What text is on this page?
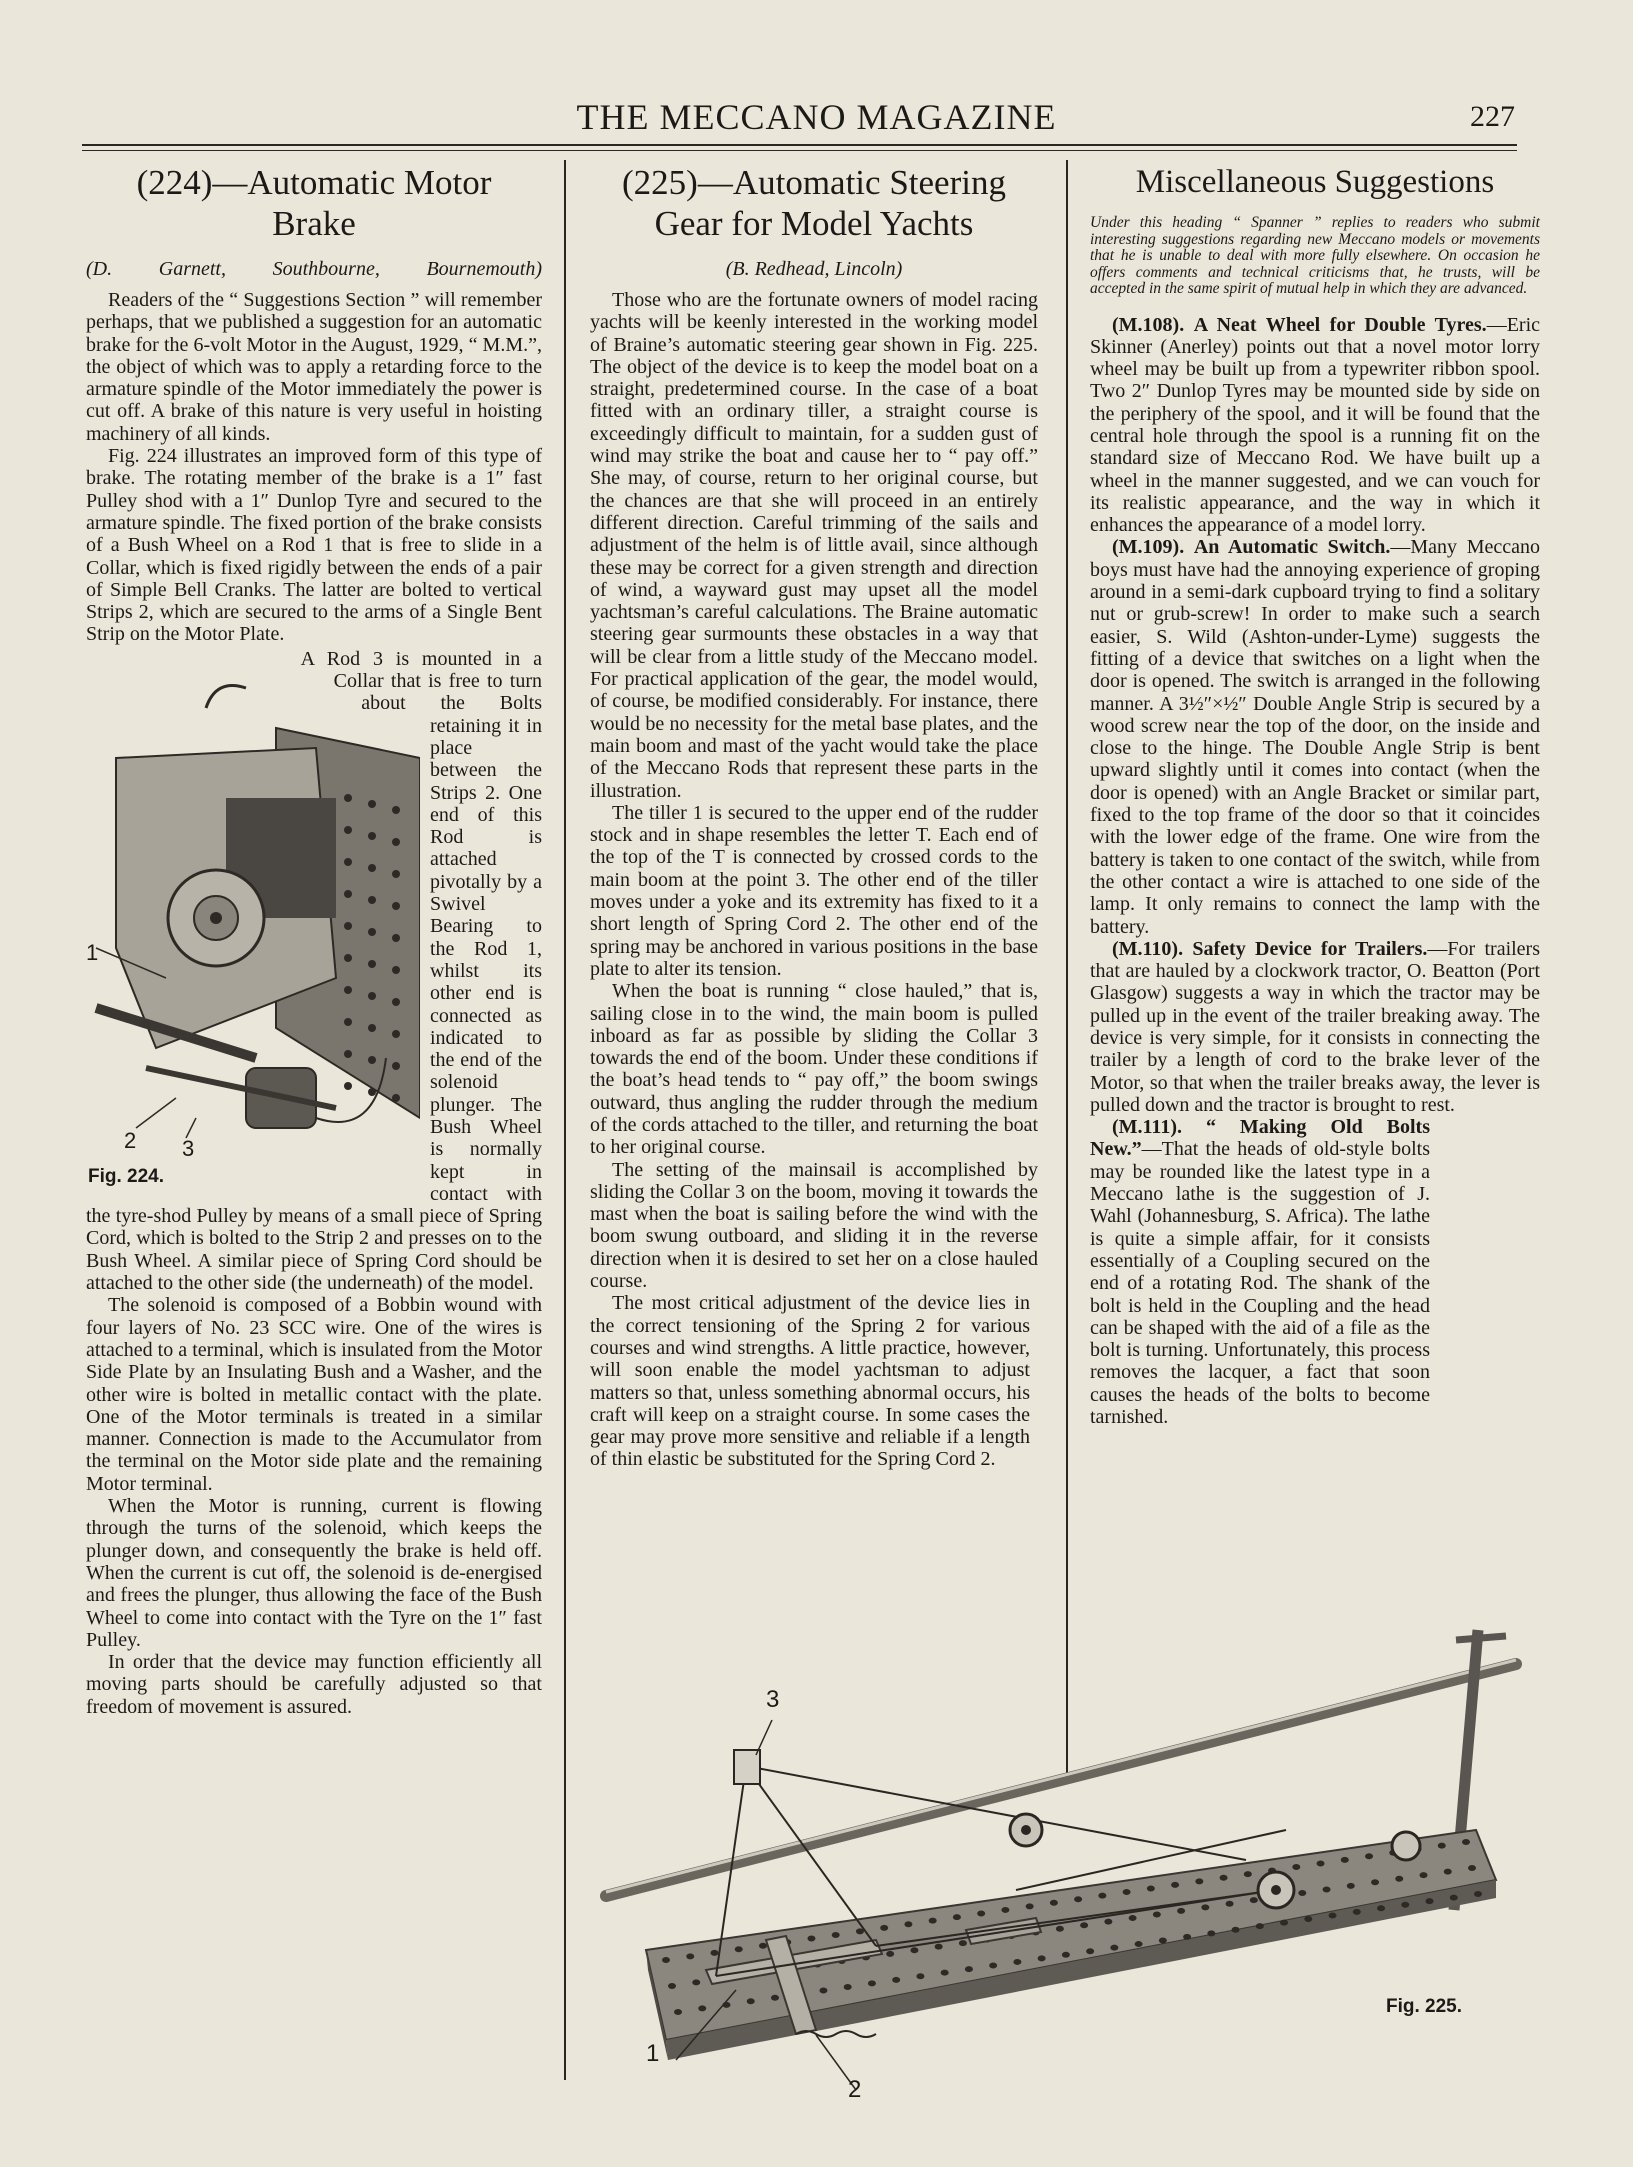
THE MECCANO MAGAZINE	227
(224)—Automatic Motor
Brake
(D. Garnett, Southbourne, Bournemouth)

Readers of the “ Suggestions Section ” will remember perhaps, that we published a suggestion for an automatic brake for the 6-volt Motor in the August, 1929, “ M.M.”, the object of which was to apply a retarding force to the armature spindle of the Motor immediately the power is cut off. A brake of this nature is very useful in hoisting machinery of all kinds.

Fig. 224 illustrates an improved form of this type of brake. The rotating member of the brake is a 1″ fast Pulley shod with a 1″ Dunlop Tyre and secured to the armature spindle. The fixed portion of the brake consists of a Bush Wheel on a Rod 1 that is free to slide in a Collar, which is fixed rigidly between the ends of a pair of Simple Bell Cranks. The latter are bolted to vertical Strips 2, which are secured to the arms of a Single Bent Strip on the Motor Plate.

1
2 3
Fig. 224.

A Rod 3 is mounted in a Collar that is free to turn about the Bolts retaining it in place between the Strips 2. One end of this Rod is attached pivotally by a Swivel Bearing to the Rod 1, whilst its other end is connected as indicated to the end of the solenoid plunger. The Bush Wheel is normally kept in contact with the tyre-shod Pulley by means of a small piece of Spring Cord, which is bolted to the Strip 2 and presses on to the Bush Wheel. A similar piece of Spring Cord should be attached to the other side (the underneath) of the model.

The solenoid is composed of a Bobbin wound with four layers of No. 23 SCC wire. One of the wires is attached to a terminal, which is insulated from the Motor Side Plate by an Insulating Bush and a Washer, and the other wire is bolted in metallic contact with the plate. One of the Motor terminals is treated in a similar manner. Connection is made to the Accumulator from the terminal on the Motor side plate and the remaining Motor terminal.

When the Motor is running, current is flowing through the turns of the solenoid, which keeps the plunger down, and consequently the brake is held off. When the current is cut off, the solenoid is de-energised and frees the plunger, thus allowing the face of the Bush Wheel to come into contact with the Tyre on the 1″ fast Pulley.

In order that the device may function efficiently all moving parts should be carefully adjusted so that freedom of movement is assured.

(225)—Automatic Steering
Gear for Model Yachts
(B. Redhead, Lincoln)

Those who are the fortunate owners of model racing yachts will be keenly interested in the working model of Braine’s automatic steering gear shown in Fig. 225. The object of the device is to keep the model boat on a straight, predetermined course. In the case of a boat fitted with an ordinary tiller, a straight course is exceedingly difficult to maintain, for a sudden gust of wind may strike the boat and cause her to “ pay off.” She may, of course, return to her original course, but the chances are that she will proceed in an entirely different direction. Careful trimming of the sails and adjustment of the helm is of little avail, since although these may be correct for a given strength and direction of wind, a wayward gust may upset all the model yachtsman’s careful calculations. The Braine automatic steering gear surmounts these obstacles in a way that will be clear from a little study of the Meccano model. For practical application of the gear, the model would, of course, be modified considerably. For instance, there would be no necessity for the metal base plates, and the main boom and mast of the yacht would take the place of the Meccano Rods that represent these parts in the illustration.

The tiller 1 is secured to the upper end of the rudder stock and in shape resembles the letter T. Each end of the top of the T is connected by crossed cords to the main boom at the point 3. The other end of the tiller moves under a yoke and its extremity has fixed to it a short length of Spring Cord 2. The other end of the spring may be anchored in various positions in the base plate to alter its tension.

When the boat is running “ close hauled,” that is, sailing close in to the wind, the main boom is pulled inboard as far as possible by sliding the Collar 3 towards the end of the boom. Under these conditions if the boat’s head tends to “ pay off,” the boom swings outward, thus angling the rudder through the medium of the cords attached to the tiller, and returning the boat to her original course.

The setting of the mainsail is accomplished by sliding the Collar 3 on the boom, moving it towards the mast when the boat is sailing before the wind with the boom swung outboard, and sliding it in the reverse direction when it is desired to set her on a close hauled course.

The most critical adjustment of the device lies in the correct tensioning of the Spring 2 for various courses and wind strengths. A little practice, however, will soon enable the model yachtsman to adjust matters so that, unless something abnormal occurs, his craft will keep on a straight course. In some cases the gear may prove more sensitive and reliable if a length of thin elastic be substituted for the Spring Cord 2.

Miscellaneous Suggestions
Under this heading “ Spanner ” replies to readers who submit interesting suggestions regarding new Meccano models or movements that he is unable to deal with more fully elsewhere. On occasion he offers comments and technical criticisms that, he trusts, will be accepted in the same spirit of mutual help in which they are advanced.

(M.108). A Neat Wheel for Double Tyres.—Eric Skinner (Anerley) points out that a novel motor lorry wheel may be built up from a typewriter ribbon spool. Two 2″ Dunlop Tyres may be mounted side by side on the periphery of the spool, and it will be found that the central hole through the spool is a running fit on the standard size of Meccano Rod. We have built up a wheel in the manner suggested, and we can vouch for its realistic appearance, and the way in which it enhances the appearance of a model lorry.

(M.109). An Automatic Switch.—Many Meccano boys must have had the annoying experience of groping around in a semi-dark cupboard trying to find a solitary nut or grub-screw! In order to make such a search easier, S. Wild (Ashton-under-Lyme) suggests the fitting of a device that switches on a light when the door is opened. The switch is arranged in the following manner. A 3½″×½″ Double Angle Strip is secured by a wood screw near the top of the door, on the inside and close to the hinge. The Double Angle Strip is bent upward slightly until it comes into contact (when the door is opened) with an Angle Bracket or similar part, fixed to the top frame of the door so that it coincides with the lower edge of the frame. One wire from the battery is taken to one contact of the switch, while from the other contact a wire is attached to one side of the lamp. It only remains to connect the lamp with the battery.

(M.110). Safety Device for Trailers.—For trailers that are hauled by a clockwork tractor, O. Beatton (Port Glasgow) suggests a way in which the tractor may be pulled up in the event of the trailer breaking away. The device is very simple, for it consists in connecting the trailer by a length of cord to the brake lever of the Motor, so that when the trailer breaks away, the lever is pulled down and the tractor is brought to rest.

(M.111). “ Making Old Bolts New.”—That the heads of old-style bolts may be rounded like the latest type in a Meccano lathe is the suggestion of J. Wahl (Johannesburg, S. Africa). The lathe is quite a simple affair, for it consists essentially of a Coupling secured on the end of a rotating Rod. The shank of the bolt is held in the Coupling and the head can be shaped with the aid of a file as the bolt is turning. Unfortunately, this process removes the lacquer, a fact that soon causes the heads of the bolts to become tarnished.

1
2
3
Fig. 225.
